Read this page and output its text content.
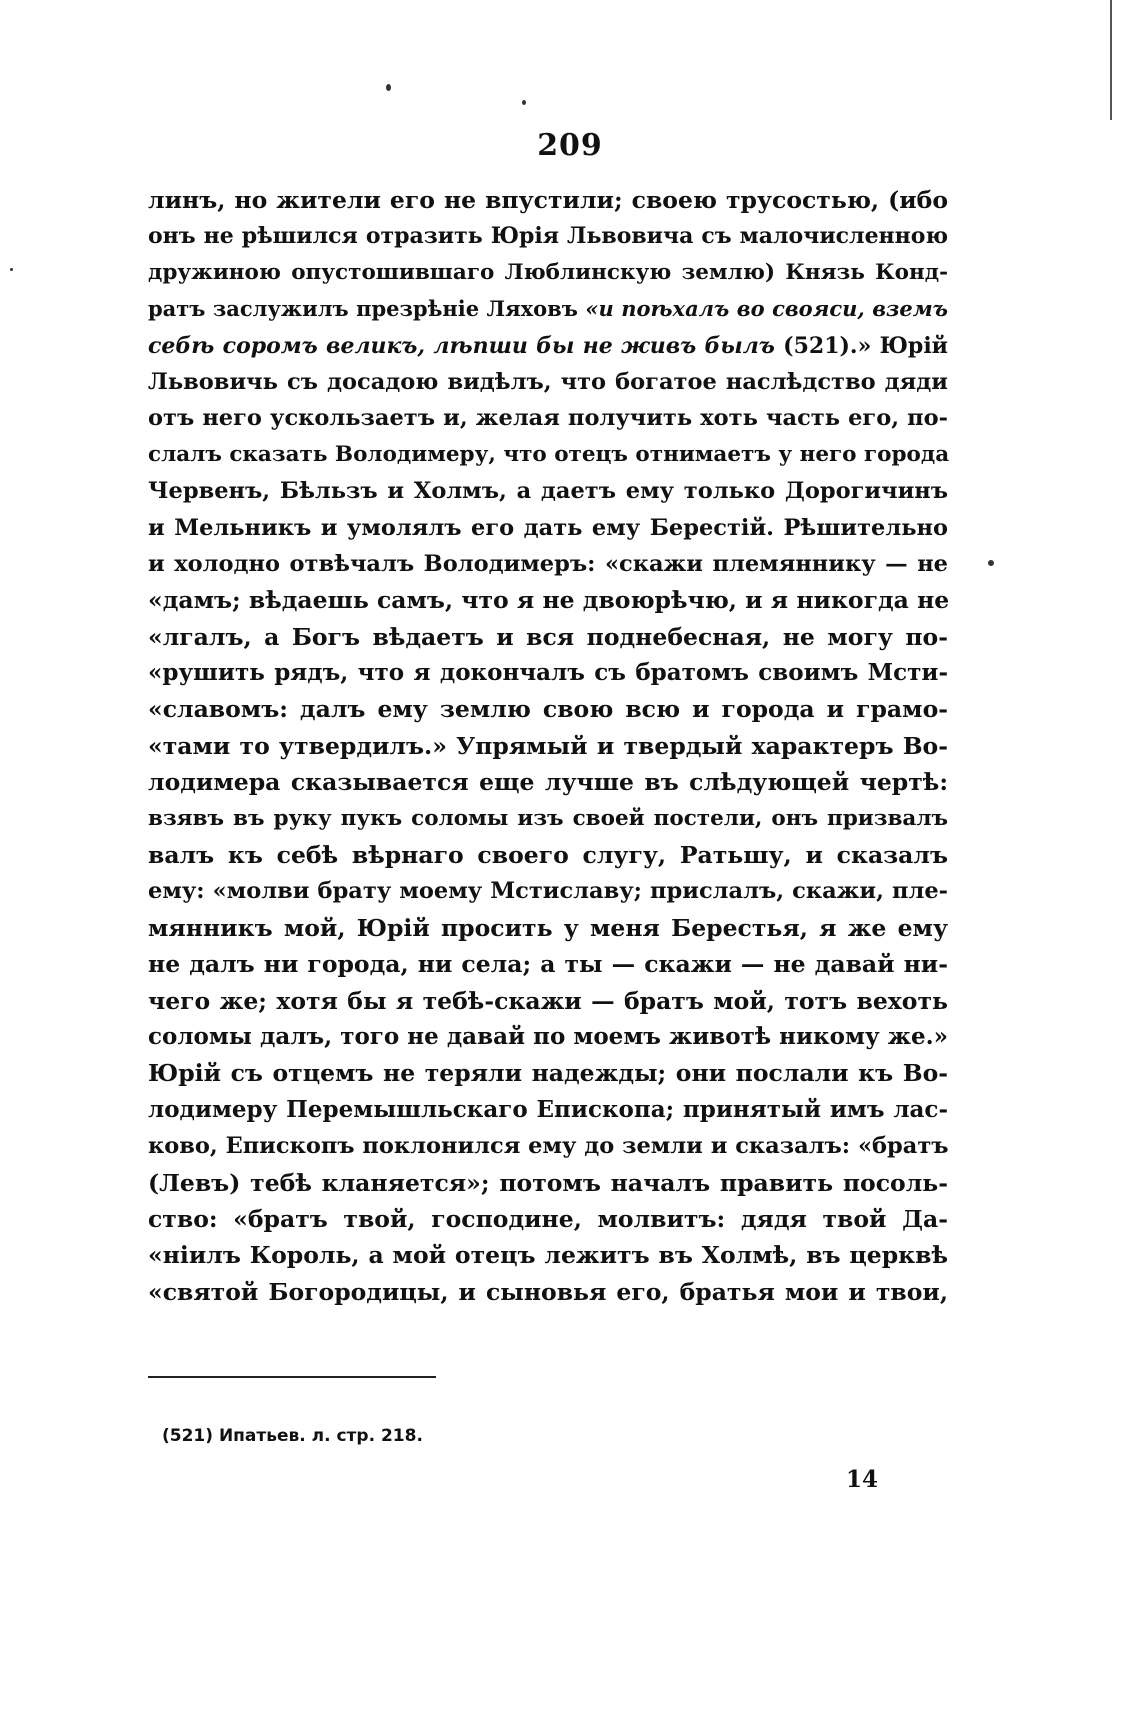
209
линъ, но жители его не впустили; своею трусостью, (ибо
онъ не рѣшился отразить Юрія Львовича съ малочисленною
дружиною опустошившаго Люблинскую землю) Князь Конд-
ратъ заслужилъ презрѣніе Ляховъ «и поѣхалъ во свояси, вземъ
себѣ соромъ великъ, лѣпши бы не живъ былъ (521).» Юрій
Львовичь съ досадою видѣлъ, что богатое наслѣдство дяди
отъ него ускользаетъ и, желая получить хоть часть его, по-
слалъ сказать Володимеру, что отецъ отнимаетъ у него города
Червенъ, Бѣльзъ и Холмъ, а даетъ ему только Дорогичинъ
и Мельникъ и умолялъ его дать ему Берестій. Рѣшительно
и холодно отвѣчалъ Володимеръ: «скажи племяннику — не
«дамъ; вѣдаешь самъ, что я не двоюрѣчю, и я никогда не
«лгалъ, а Богъ вѣдаетъ и вся поднебесная, не могу по-
«рушить рядъ, что я докончалъ съ братомъ своимъ Мсти-
«славомъ: далъ ему землю свою всю и города и грамо-
«тами то утвердилъ.» Упрямый и твердый характеръ Во-
лодимера сказывается еще лучше въ слѣдующей чертѣ:
взявъ въ руку пукъ соломы изъ своей постели, онъ призвалъ
валъ къ себѣ вѣрнаго своего слугу, Ратьшу, и сказалъ
ему: «молви брату моему Мстиславу; прислалъ, скажи, пле-
мянникъ мой, Юрій просить у меня Берестья, я же ему
не далъ ни города, ни села; а ты — скажи — не давай ни-
чего же; хотя бы я тебѣ-скажи — братъ мой, тотъ вехоть
соломы далъ, того не давай по моемъ животѣ никому же.»
Юрій съ отцемъ не теряли надежды; они послали къ Во-
лодимеру Перемышльскаго Епископа; принятый имъ лас-
ково, Епископъ поклонился ему до земли и сказалъ: «братъ
(Левъ) тебѣ кланяется»; потомъ началъ править посоль-
ство: «братъ твой, господине, молвитъ: дядя твой Да-
«ніилъ Король, а мой отецъ лежитъ въ Холмѣ, въ церквѣ
«святой Богородицы, и сыновья его, братья мои и твои,
(521) Ипатьев. л. стр. 218.
14
